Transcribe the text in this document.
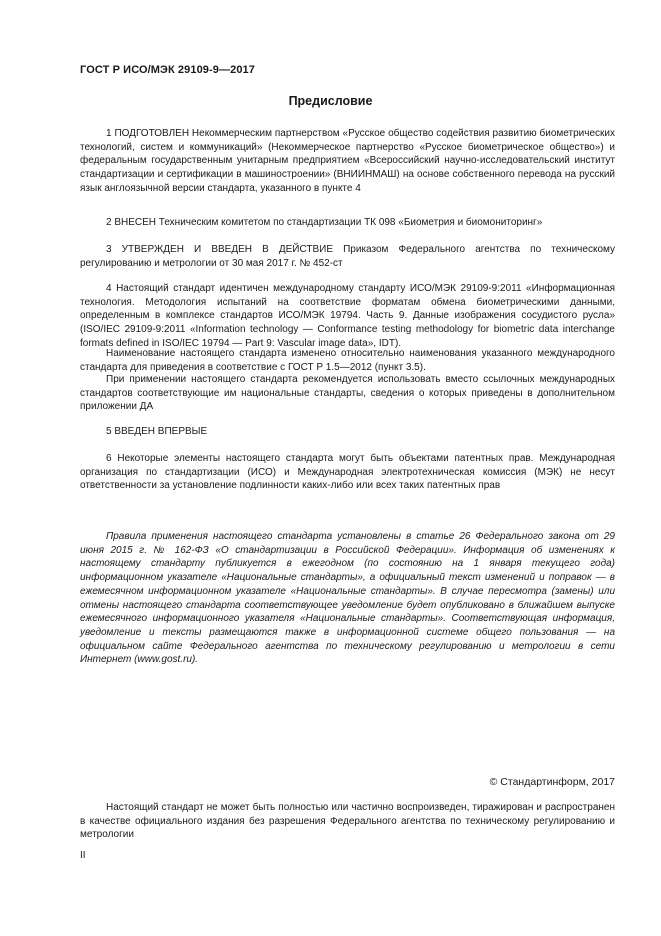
ГОСТ Р ИСО/МЭК 29109-9—2017
Предисловие

1 ПОДГОТОВЛЕН Некоммерческим партнерством «Русское общество содействия развитию биометрических технологий, систем и коммуникаций» (Некоммерческое партнерство «Русское биометрическое общество») и федеральным государственным унитарным предприятием «Всероссийский научно-исследовательский институт стандартизации и сертификации в машиностроении» (ВНИИНМАШ) на основе собственного перевода на русский язык англоязычной версии стандарта, указанного в пункте 4

2 ВНЕСЕН Техническим комитетом по стандартизации ТК 098 «Биометрия и биомониторинг»

3 УТВЕРЖДЕН И ВВЕДЕН В ДЕЙСТВИЕ Приказом Федерального агентства по техническому регулированию и метрологии от 30 мая 2017 г. № 452-ст

4 Настоящий стандарт идентичен международному стандарту ИСО/МЭК 29109-9:2011 «Информационная технология. Методология испытаний на соответствие форматам обмена биометрическими данными, определенным в комплексе стандартов ИСО/МЭК 19794. Часть 9. Данные изображения сосудистого русла» (ISO/IEC 29109-9:2011 «Information technology — Conformance testing methodology for biometric data interchange formats defined in ISO/IEC 19794 — Part 9: Vascular image data», IDT).

Наименование настоящего стандарта изменено относительно наименования указанного международного стандарта для приведения в соответствие с ГОСТ Р 1.5—2012 (пункт 3.5).

При применении настоящего стандарта рекомендуется использовать вместо ссылочных международных стандартов соответствующие им национальные стандарты, сведения о которых приведены в дополнительном приложении ДА

5 ВВЕДЕН ВПЕРВЫЕ

6 Некоторые элементы настоящего стандарта могут быть объектами патентных прав. Международная организация по стандартизации (ИСО) и Международная электротехническая комиссия (МЭК) не несут ответственности за установление подлинности каких-либо или всех таких патентных прав

Правила применения настоящего стандарта установлены в статье 26 Федерального закона от 29 июня 2015 г. № 162-ФЗ «О стандартизации в Российской Федерации». Информация об изменениях к настоящему стандарту публикуется в ежегодном (по состоянию на 1 января текущего года) информационном указателе «Национальные стандарты», а официальный текст изменений и поправок — в ежемесячном информационном указателе «Национальные стандарты». В случае пересмотра (замены) или отмены настоящего стандарта соответствующее уведомление будет опубликовано в ближайшем выпуске ежемесячного информационного указателя «Национальные стандарты». Соответствующая информация, уведомление и тексты размещаются также в информационной системе общего пользования — на официальном сайте Федерального агентства по техническому регулированию и метрологии в сети Интернет (www.gost.ru).

© Стандартинформ, 2017

Настоящий стандарт не может быть полностью или частично воспроизведен, тиражирован и распространен в качестве официального издания без разрешения Федерального агентства по техническому регулированию и метрологии

II
